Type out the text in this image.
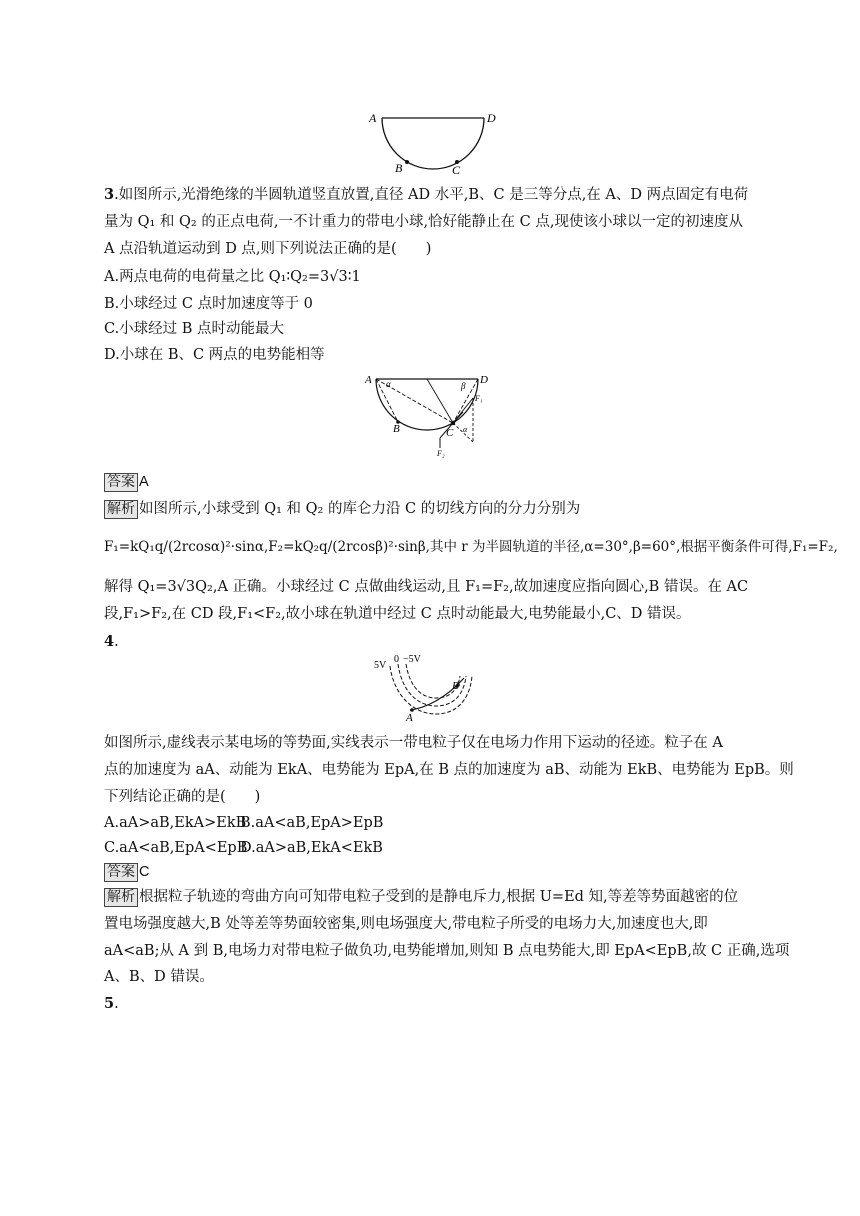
A	D
B	C
3.如图所示,光滑绝缘的半圆轨道竖直放置,直径 AD 水平,B、C 是三等分点,在 A、D 两点固定有电荷
量为 Q₁ 和 Q₂ 的正点电荷,一不计重力的带电小球,恰好能静止在 C 点,现使该小球以一定的初速度从
A 点沿轨道运动到 D 点,则下列说法正确的是(　　)
A.两点电荷的电荷量之比 Q₁∶Q₂=3√3∶1
B.小球经过 C 点时加速度等于 0
C.小球经过 B 点时动能最大
D.小球在 B、C 两点的电势能相等
A	D
B	C
α	β
F₁
F₂
α
答案 A
解析 如图所示,小球受到 Q₁ 和 Q₂ 的库仑力沿 C 的切线方向的分力分别为
F₁=kQ₁q/(2rcosα)²·sinα,F₂=kQ₂q/(2rcosβ)²·sinβ,其中 r 为半圆轨道的半径,α=30°,β=60°,根据平衡条件可得,F₁=F₂,
解得 Q₁=3√3Q₂,A 正确。小球经过 C 点做曲线运动,且 F₁=F₂,故加速度应指向圆心,B 错误。在 AC
段,F₁>F₂,在 CD 段,F₁<F₂,故小球在轨道中经过 C 点时动能最大,电势能最小,C、D 错误。
4.
5V
0 −5V
A
B
如图所示,虚线表示某电场的等势面,实线表示一带电粒子仅在电场力作用下运动的径迹。粒子在 A
点的加速度为 aA、动能为 EkA、电势能为 EpA,在 B 点的加速度为 aB、动能为 EkB、电势能为 EpB。则
下列结论正确的是(　　)
A.aA>aB,EkA>EkBB.aA<aB,EpA>EpB
C.aA<aB,EpA<EpBD.aA>aB,EkA<EkB
答案 C
解析 根据粒子轨迹的弯曲方向可知带电粒子受到的是静电斥力,根据 U=Ed 知,等差等势面越密的位
置电场强度越大,B 处等差等势面较密集,则电场强度大,带电粒子所受的电场力大,加速度也大,即
aA<aB;从 A 到 B,电场力对带电粒子做负功,电势能增加,则知 B 点电势能大,即 EpA<EpB,故 C 正确,选项
A、B、D 错误。
5.
